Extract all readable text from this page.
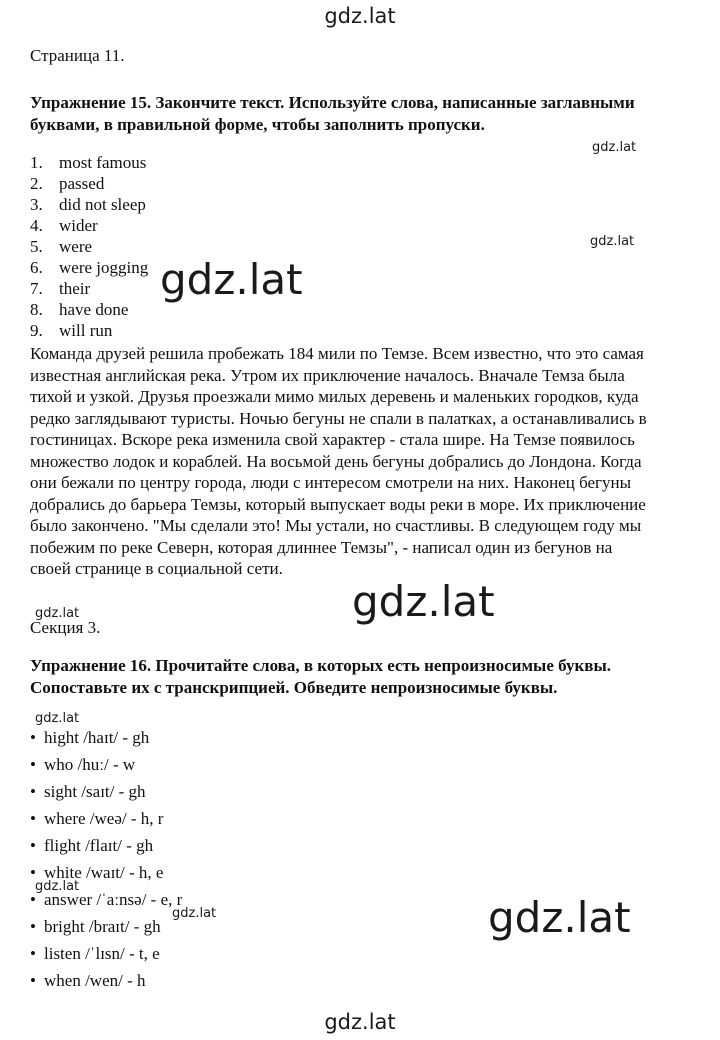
gdz.lat
Страница 11.
Упражнение 15. Закончите текст. Используйте слова, написанные заглавными буквами, в правильной форме, чтобы заполнить пропуски.
1. most famous
2. passed
3. did not sleep
4. wider
5. were
6. were jogging
7. their
8. have done
9. will run
Команда друзей решила пробежать 184 мили по Темзе. Всем известно, что это самая известная английская река. Утром их приключение началось. Вначале Темза была тихой и узкой. Друзья проезжали мимо милых деревень и маленьких городков, куда редко заглядывают туристы. Ночью бегуны не спали в палатках, а останавливались в гостиницах. Вскоре река изменила свой характер - стала шире. На Темзе появилось множество лодок и кораблей. На восьмой день бегуны добрались до Лондона. Когда они бежали по центру города, люди с интересом смотрели на них. Наконец бегуны добрались до барьера Темзы, который выпускает воды реки в море. Их приключение было закончено. "Мы сделали это! Мы устали, но счастливы. В следующем году мы побежим по реке Северн, которая длиннее Темзы", - написал один из бегунов на своей странице в социальной сети.
Секция 3.
Упражнение 16. Прочитайте слова, в которых есть непроизносимые буквы. Сопоставьте их с транскрипцией. Обведите непроизносимые буквы.
• hight /haɪt/ - gh
• who /huː/ - w
• sight /saɪt/ - gh
• where /weə/ - h, r
• flight /flaɪt/ - gh
• white /waɪt/ - h, e
• answer /ˈaːnsə/ - e, r
• bright /braɪt/ - gh
• listen /ˈlɪsn/ - t, e
• when /wen/ - h
gdz.lat
gdz.lat
gdz.lat
gdz.lat
gdz.lat
gdz.lat
gdz.lat
gdz.lat	gdz.lat
gdz.lat
